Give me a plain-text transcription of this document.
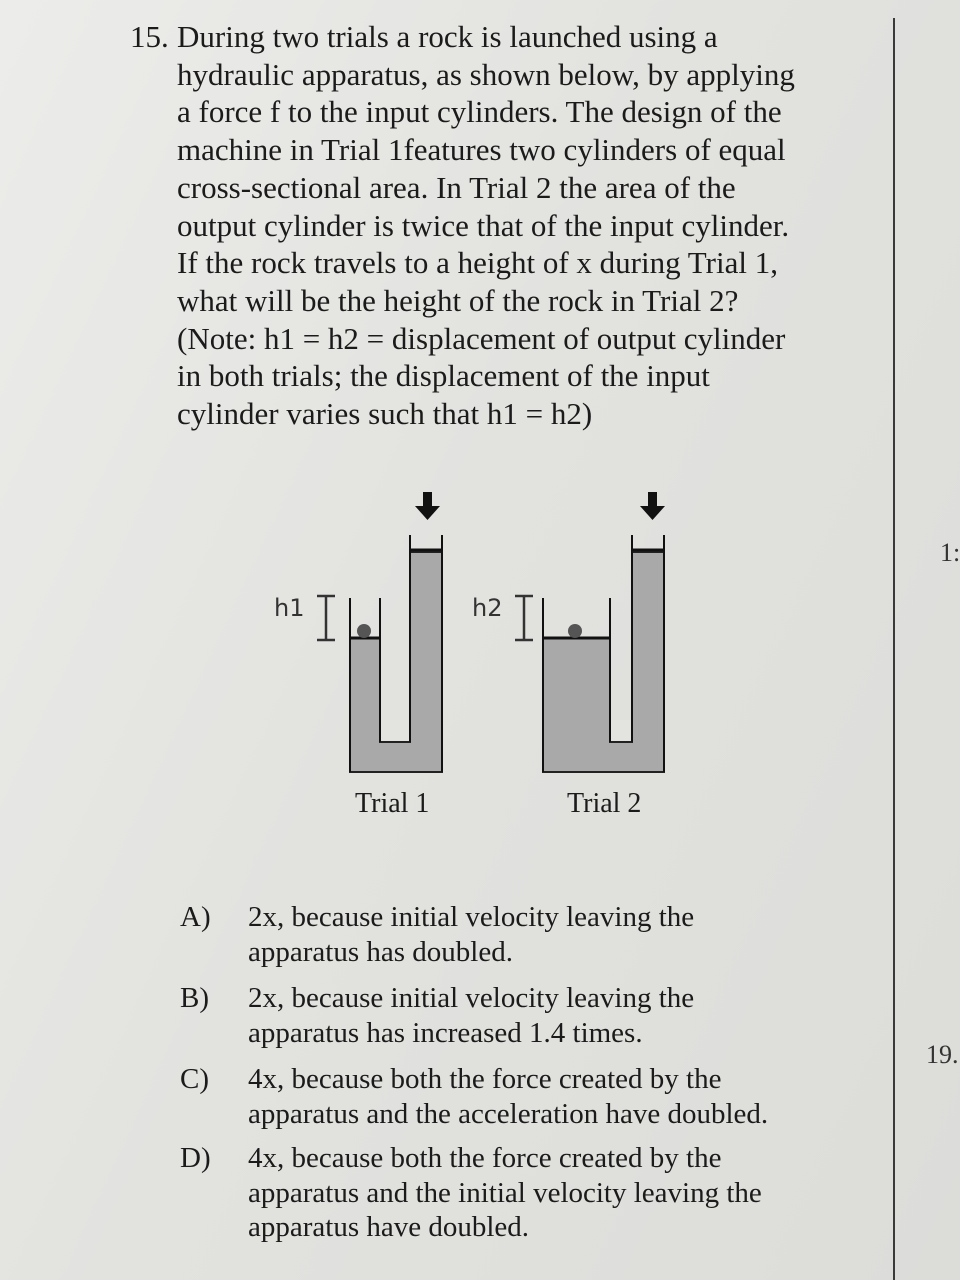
15. During two trials a rock is launched using a
hydraulic apparatus, as shown below, by applying
a force f to the input cylinders. The design of the
machine in Trial 1features two cylinders of equal
cross-sectional area. In Trial 2 the area of the
output cylinder is twice that of the input cylinder.
If the rock travels to a height of x during Trial 1,
what will be the height of the rock in Trial 2?
(Note: h1 = h2 = displacement of output cylinder
in both trials; the displacement of the input
cylinder varies such that h1 = h2)
h1	h2
Trial 1	Trial 2
A) 2x, because initial velocity leaving the
apparatus has doubled.
B) 2x, because initial velocity leaving the
apparatus has increased 1.4 times.
C) 4x, because both the force created by the
apparatus and the acceleration have doubled.
D) 4x, because both the force created by the
apparatus and the initial velocity leaving the
apparatus have doubled.
1:
19.
